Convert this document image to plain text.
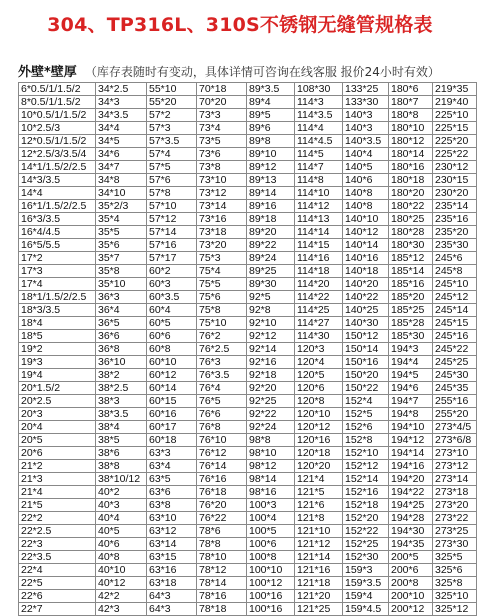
304、TP316L、310S不锈钢无缝管规格表
外壁*壁厚 （库存表随时有变动，具体详情可咨询在线客服 报价24小时有效）
6*0.5/1/1.5/2	34*2.5	55*10	70*18	89*3.5	108*30	133*25	180*6	219*35
8*0.5/1/1.5/2	34*3	55*20	70*20	89*4	114*3	133*30	180*7	219*40
10*0.5/1/1.5/2	34*3.5	57*2	73*3	89*5	114*3.5	140*3	180*8	225*10
10*2.5/3	34*4	57*3	73*4	89*6	114*4	140*3	180*10	225*15
12*0.5/1/1.5/2	34*5	57*3.5	73*5	89*8	114*4.5	140*3.5	180*12	225*20
12*2.5/3/3.5/4	34*6	57*4	73*6	89*10	114*5	140*4	180*14	225*22
14*1/1.5/2/2.5	34*7	57*5	73*8	89*12	114*7	140*5	180*16	230*12
14*3/3.5	34*8	57*6	73*10	89*13	114*8	140*6	180*18	230*15
14*4	34*10	57*8	73*12	89*14	114*10	140*8	180*20	230*20
16*1/1.5/2/2.5	35*2/3	57*10	73*14	89*16	114*12	140*8	180*22	235*14
16*3/3.5	35*4	57*12	73*16	89*18	114*13	140*10	180*25	235*16
16*4/4.5	35*5	57*14	73*18	89*20	114*14	140*12	180*28	235*20
16*5/5.5	35*6	57*16	73*20	89*22	114*15	140*14	180*30	235*30
17*2	35*7	57*17	75*3	89*24	114*16	140*16	185*12	245*6
17*3	35*8	60*2	75*4	89*25	114*18	140*18	185*14	245*8
17*4	35*10	60*3	75*5	89*30	114*20	140*20	185*16	245*10
18*1/1.5/2/2.5	36*3	60*3.5	75*6	92*5	114*22	140*22	185*20	245*12
18*3/3.5	36*4	60*4	75*8	92*8	114*25	140*25	185*25	245*14
18*4	36*5	60*5	75*10	92*10	114*27	140*30	185*28	245*15
18*5	36*6	60*6	76*2	92*12	114*30	150*12	185*30	245*16
19*2	36*8	60*8	76*2.5	92*14	120*3	150*14	194*3	245*22
19*3	36*10	60*10	76*3	92*16	120*4	150*16	194*4	245*25
19*4	38*2	60*12	76*3.5	92*18	120*5	150*20	194*5	245*30
20*1.5/2	38*2.5	60*14	76*4	92*20	120*6	150*22	194*6	245*35
20*2.5	38*3	60*15	76*5	92*25	120*8	152*4	194*7	255*16
20*3	38*3.5	60*16	76*6	92*22	120*10	152*5	194*8	255*20
20*4	38*4	60*17	76*8	92*24	120*12	152*6	194*10	273*4/5
20*5	38*5	60*18	76*10	98*8	120*16	152*8	194*12	273*6/8
20*6	38*6	63*3	76*12	98*10	120*18	152*10	194*14	273*10
21*2	38*8	63*4	76*14	98*12	120*20	152*12	194*16	273*12
21*3	38*10/12	63*5	76*16	98*14	121*4	152*14	194*20	273*14
21*4	40*2	63*6	76*18	98*16	121*5	152*16	194*22	273*18
21*5	40*3	63*8	76*20	100*3	121*6	152*18	194*25	273*20
22*2	40*4	63*10	76*22	100*4	121*8	152*20	194*28	273*22
22*2.5	40*5	63*12	78*6	100*5	121*10	152*22	194*30	273*25
22*3	40*6	63*14	78*8	100*6	121*12	152*25	194*35	273*30
22*3.5	40*8	63*15	78*10	100*8	121*14	152*30	200*5	325*5
22*4	40*10	63*16	78*12	100*10	121*16	159*3	200*6	325*6
22*5	40*12	63*18	78*14	100*12	121*18	159*3.5	200*8	325*8
22*6	42*2	64*3	78*16	100*16	121*20	159*4	200*10	325*10
22*7	42*3	64*3	78*18	100*16	121*25	159*4.5	200*12	325*12
